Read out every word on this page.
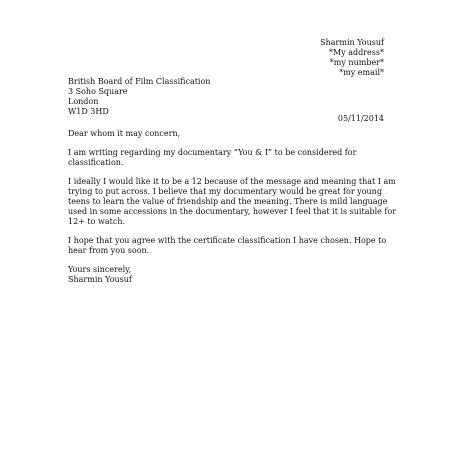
Sharmin Yousuf
*My address*
*my number*
*my email*
British Board of Film Classification
3 Soho Square
London
W1D 3HD
05/11/2014

Dear whom it may concern,

I am writing regarding my documentary “You & I” to be considered for
classification.

I ideally I would like it to be a 12 because of the message and meaning that I am
trying to put across. I believe that my documentary would be great for young
teens to learn the value of friendship and the meaning. There is mild language
used in some accessions in the documentary, however I feel that it is suitable for
12+ to watch.

I hope that you agree with the certificate classification I have chosen. Hope to
hear from you soon.

Yours sincerely,
Sharmin Yousuf
